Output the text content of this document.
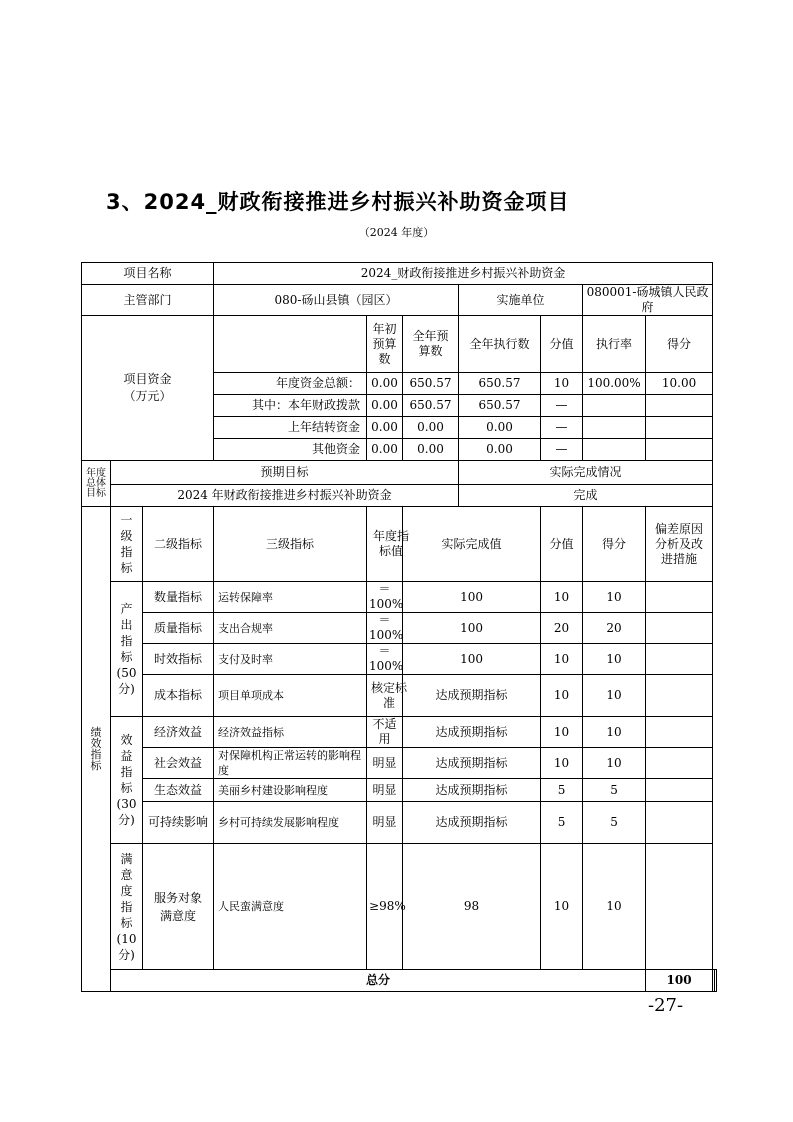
3、2024_财政衔接推进乡村振兴补助资金项目
（2024 年度）
项目名称			2024_财政衔接推进乡村振兴补助资金								
主管部门			080-砀山县镇（园区）			实施单位		080001-砀城镇人民政府			

项目资金（万元）				年初预算数	全年预算数	全年执行数	分值	执行率	得分		
			年度资金总额：	0.00	650.57	650.57	10	100.00%	10.00		
			其中：本年财政拨款	0.00	650.57	650.57	—				
			上年结转资金	0.00	0.00	0.00	—				
			其他资金	0.00	0.00	0.00	—				

年度总体目标	预期目标					实际完成情况					
	2024 年财政衔接推进乡村振兴补助资金					完成					

绩效指标	一级指标	二级指标	三级指标	年度指标值	实际完成值		分值	得分	偏差原因分析及改进措施		

	产出指标(50分)	数量指标	运转保障率	＝100%	100		10	10			
		质量指标	支出合规率	＝100%	100		20	20			
		时效指标	支付及时率	＝100%	100		10	10			
		成本指标	项目单项成本	核定标准	达成预期指标		10	10			

	效益指标(30分)	经济效益	经济效益指标	不适用	达成预期指标		10	10			
		社会效益	对保障机构正常运转的影响程度	明显	达成预期指标		10	10			
		生态效益	美丽乡村建设影响程度	明显	达成预期指标		5	5			

		可持续影响	乡村可持续发展影响程度	明显	达成预期指标		5	5			

	满意度指标(10分)	服务对象满意度	人民蛮满意度	≥98%	98		10	10			
	总分								100		
-27-
